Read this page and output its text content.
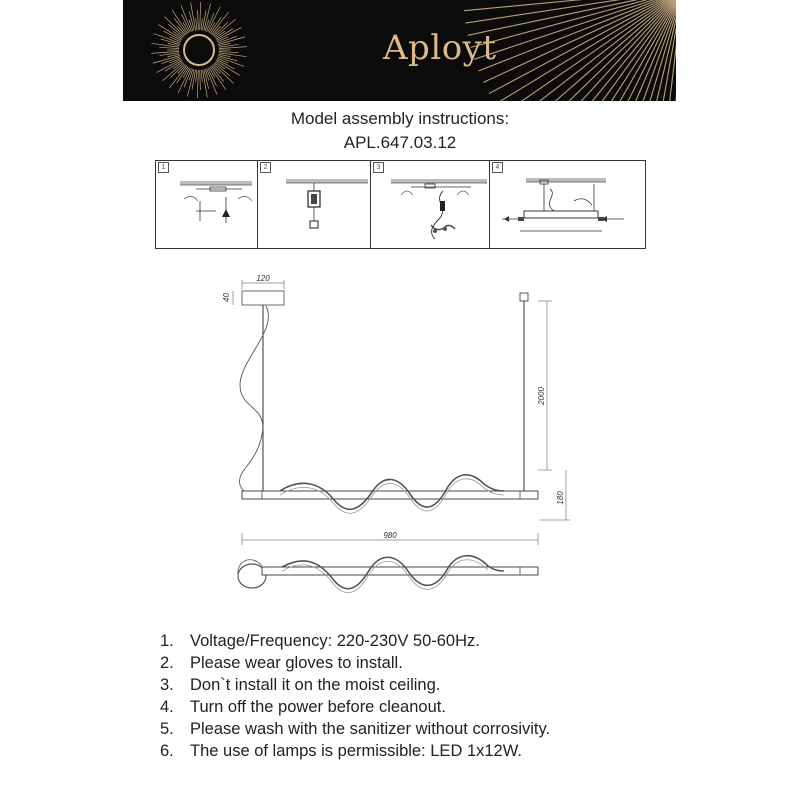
Aployt
Model assembly instructions:
APL.647.03.12
1	2	3	4
120
40
2000
180
980
1. Voltage/Frequency: 220-230V 50-60Hz.
2. Please wear gloves to install.
3. Don`t install it on the moist ceiling.
4. Turn off the power before cleanout.
5. Please wash with the sanitizer without corrosivity.
6. The use of lamps is permissible: LED 1x12W.
